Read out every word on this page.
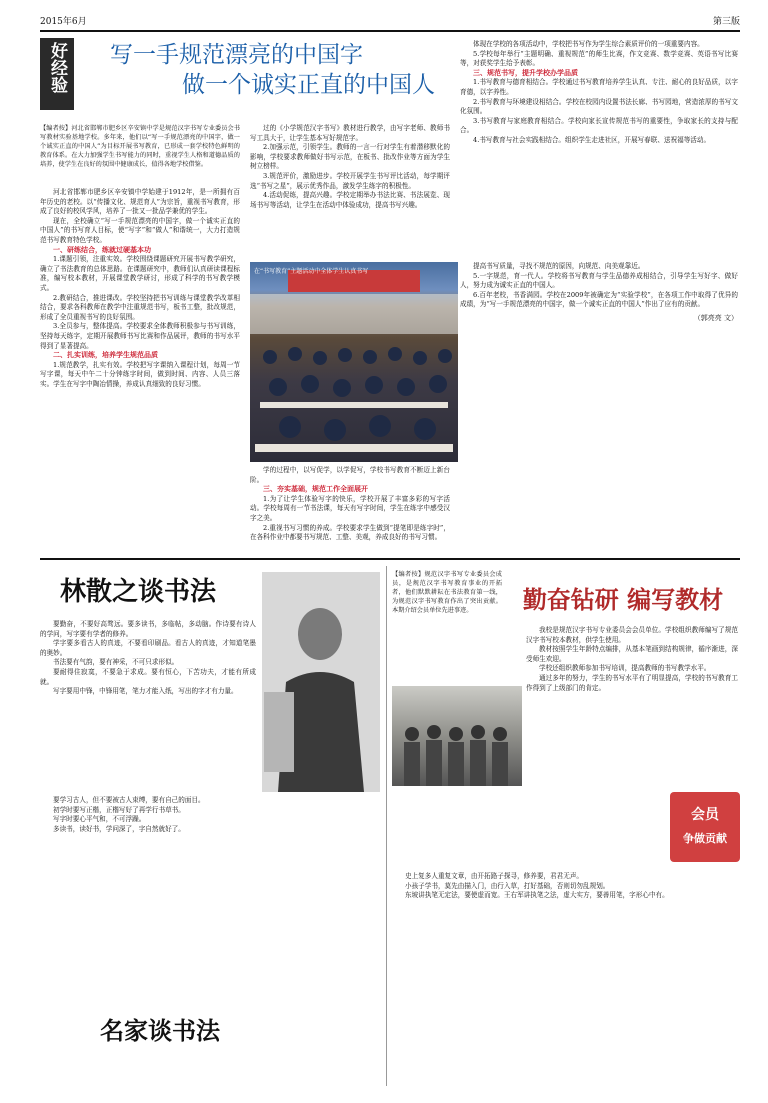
2015年6月	第三版
好经验 写一手规范漂亮的中国字
做一个诚实正直的中国人
【编者按】河北省邯郸市肥乡区辛安镇中学是规范汉字书写专业委员会书写教材实验基地学校。多年来，他们以“写一手规范漂亮的中国字，做一个诚实正直的中国人”为目标开展书写教育，已形成一套学校特色鲜明的教育体系。在大力加强学生书写能力的同时，重视学生人格和道德品质的培养，使学生在良好的氛围中健康成长，值得各地学校借鉴。

河北省邯郸市肥乡区辛安镇中学始建于1912年，是一所拥有百年历史的老校。以“传播文化、规范育人”为宗旨，重视书写教育，形成了良好的校风学风，培养了一批又一批品学兼优的学生。

现在，全校确立“写一手规范漂亮的中国字，做一个诚实正直的中国人”的书写育人目标，使“写字”和“做人”和谐统一，大力打造规范书写教育特色学校。

一、研练结合，练就过硬基本功

1.课题引领，注重实效。学校围绕课题研究开展书写教学研究，确立了书法教育的总体思路。在课题研究中，教师们认真研读课程标准，编写校本教材，开展课堂教学研讨，形成了科学的书写教学模式。

2.教研结合，推进课改。学校坚持把书写训练与课堂教学改革相结合，要求各科教师在教学中注重规范书写，板书工整，批改规范，形成了全员重视书写的良好氛围。

3.全员参与，整体提高。学校要求全体教师积极参与书写训练，坚持每天练字，定期开展教师书写比赛和作品展评，教师的书写水平得到了显著提高。

二、扎实训练，培养学生规范品质

1.规范教学，扎实有效。学校把写字课纳入课程计划，每周一节写字课，每天中午二十分钟练字时间，做到时间、内容、人员三落实。学生在写字中陶冶情操，养成认真细致的良好习惯。

过的《小学规范汉字书写》教材进行教学，由写字老师、教师书写工具大于，让学生基本写好规范字。

2.加强示范，引领学生。教师的一言一行对学生有着潜移默化的影响，学校要求教师做好书写示范，在板书、批改作业等方面为学生树立榜样。

3.规范评价，激励进步。学校开展学生书写评比活动，每学期评选“书写之星”，展示优秀作品，激发学生练字的积极性。

4.活动促练，提高兴趣。学校定期举办书法比赛、书法展览、现场书写等活动，让学生在活动中体验成功，提高书写兴趣。

体现在学校的各项活动中，学校把书写作为学生综合素质评价的一项重要内容。

5.学校每年举行“主题明确、重视规范”的师生比赛，作文竞赛、数学竞赛、英语书写比赛等，对获奖学生给予表彰。

三、规范书写，提升学校办学品质

1.书写教育与德育相结合。学校通过书写教育培养学生认真、专注、耐心的良好品质，以字育德，以字养性。

2.书写教育与环境建设相结合。学校在校园内设置书法长廊、书写园地，营造浓厚的书写文化氛围。

3.书写教育与家庭教育相结合。学校向家长宣传规范书写的重要性，争取家长的支持与配合。

4.书写教育与社会实践相结合。组织学生走进社区，开展写春联、送祝福等活动。

在“书写教育”主题活动中全体学生认真书写

学的过程中，以写促学，以学促写，学校书写教育不断迈上新台阶。

三、夯实基础，规范工作全面展开

1.为了让学生体验写字的快乐，学校开展了丰富多彩的写字活动。学校每周有一节书法课，每天有写字时间，学生在练字中感受汉字之美。

2.重视书写习惯的养成。学校要求学生做到“提笔即是练字时”，在各科作业中都要书写规范、工整、美观，养成良好的书写习惯。

提高书写质量，寻找不规范的原因，向规范、向美观靠近。

5.一字规范，育一代人。学校将书写教育与学生品德养成相结合，引导学生写好字、做好人，努力成为诚实正直的中国人。

6.百年老校，书香满园。学校在2009年被确定为“实验学校”，在各项工作中取得了优异的成绩，为“写一手规范漂亮的中国字，做一个诚实正直的中国人”作出了应有的贡献。

（郭亮亮 文）
林散之谈书法

要勤奋，不要好高骛远。要多读书，多临帖，多动脑。作诗要有诗人的学问，写字要有学者的修养。

学字要多看古人的真迹，不要看印刷品。看古人的真迹，才知道笔墨的奥妙。

书法要有气韵，要有神采，不可只求形似。

要耐得住寂寞，不要急于求成。要有恒心，下苦功夫，才能有所成就。

写字要用中锋，中锋用笔，笔力才能入纸，写出的字才有力量。

要学习古人，但不要被古人束缚，要有自己的面目。

初学时要写正楷，正楷写好了再学行书草书。

写字时要心平气和，不可浮躁。

多读书，读好书，学问深了，字自然就好了。

名家谈书法
【编者按】规范汉字书写专业委员会成员，是规范汉字书写教育事业的开拓者，他们默默耕耘在书法教育第一线，为规范汉字书写教育作出了突出贡献。本期介绍会员单位先进事迹。	勤奋钻研 编写教材

我校是规范汉字书写专业委员会会员单位。学校组织教师编写了规范汉字书写校本教材，供学生使用。

教材按照学生年龄特点编排，从基本笔画到结构规律，循序渐进，深受师生欢迎。

学校还组织教师参加书写培训，提高教师的书写教学水平。

通过多年的努力，学生的书写水平有了明显提高，学校的书写教育工作得到了上级部门的肯定。

会员
争做贡献

史上复多人重复文章，由开拓路子探寻，修养要，君君无声。

小孩子学书，莫先由描入门，由行入草，打好基础，否则切勿乱规划。

东坡讲执笔无定法，要使虚而宽。王右军讲执笔之法，虚大实方，要善用笔，字形心中有。
